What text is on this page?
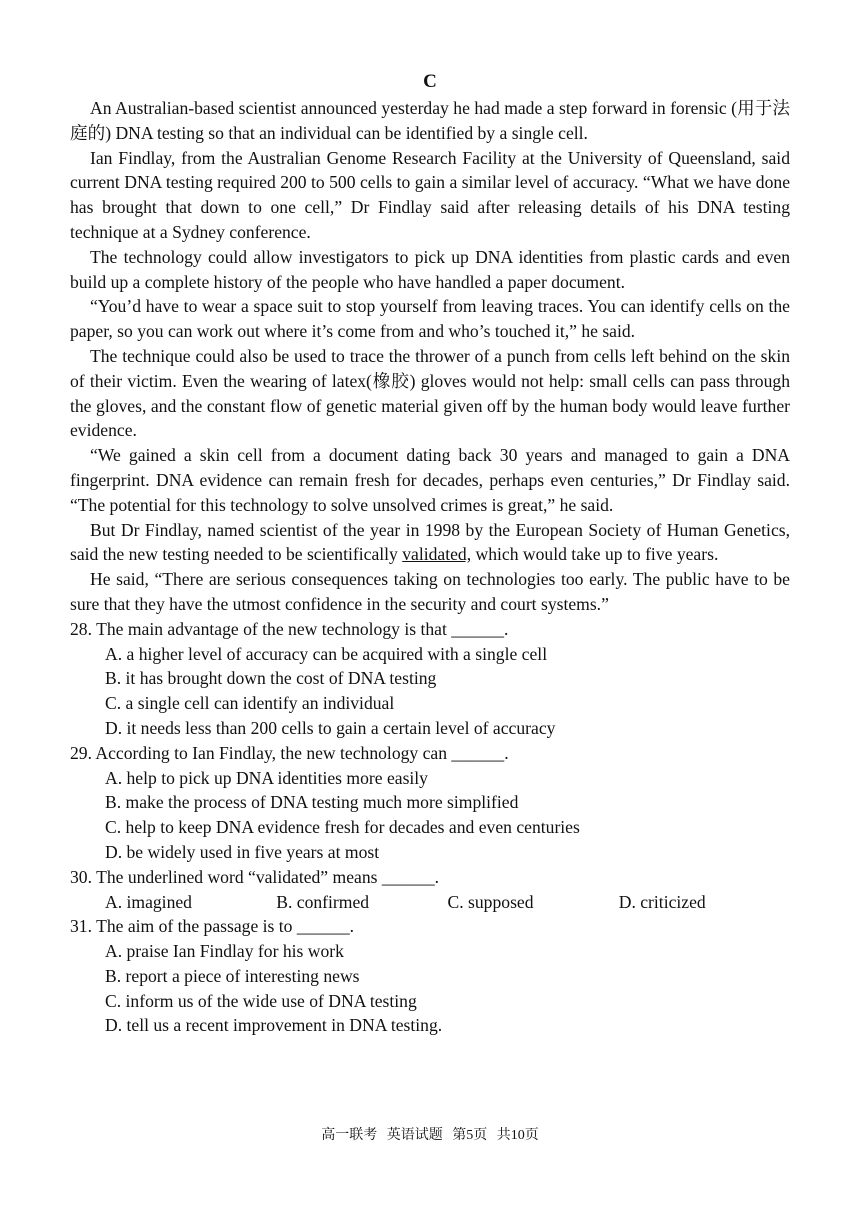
C

An Australian-based scientist announced yesterday he had made a step forward in forensic (用于法庭的) DNA testing so that an individual can be identified by a single cell.

Ian Findlay, from the Australian Genome Research Facility at the University of Queensland, said current DNA testing required 200 to 500 cells to gain a similar level of accuracy. “What we have done has brought that down to one cell,” Dr Findlay said after releasing details of his DNA testing technique at a Sydney conference.

The technology could allow investigators to pick up DNA identities from plastic cards and even build up a complete history of the people who have handled a paper document.

“You’d have to wear a space suit to stop yourself from leaving traces. You can identify cells on the paper, so you can work out where it’s come from and who’s touched it,” he said.

The technique could also be used to trace the thrower of a punch from cells left behind on the skin of their victim. Even the wearing of latex(橡胶) gloves would not help: small cells can pass through the gloves, and the constant flow of genetic material given off by the human body would leave further evidence.

“We gained a skin cell from a document dating back 30 years and managed to gain a DNA fingerprint. DNA evidence can remain fresh for decades, perhaps even centuries,” Dr Findlay said. “The potential for this technology to solve unsolved crimes is great,” he said.

But Dr Findlay, named scientist of the year in 1998 by the European Society of Human Genetics, said the new testing needed to be scientifically validated, which would take up to five years.

He said, “There are serious consequences taking on technologies too early. The public have to be sure that they have the utmost confidence in the security and court systems.”

28. The main advantage of the new technology is that ______.

A. a higher level of accuracy can be acquired with a single cell

B. it has brought down the cost of DNA testing

C. a single cell can identify an individual

D. it needs less than 200 cells to gain a certain level of accuracy

29. According to Ian Findlay, the new technology can ______.

A. help to pick up DNA identities more easily

B. make the process of DNA testing much more simplified

C. help to keep DNA evidence fresh for decades and even centuries

D. be widely used in five years at most

30. The underlined word “validated” means ______.

A. imagined	B. confirmed	C. supposed	D. criticized

31. The aim of the passage is to ______.

A. praise Ian Findlay for his work

B. report a piece of interesting news

C. inform us of the wide use of DNA testing

D. tell us a recent improvement in DNA testing.

高一联考 英语试题 第5页 共10页
